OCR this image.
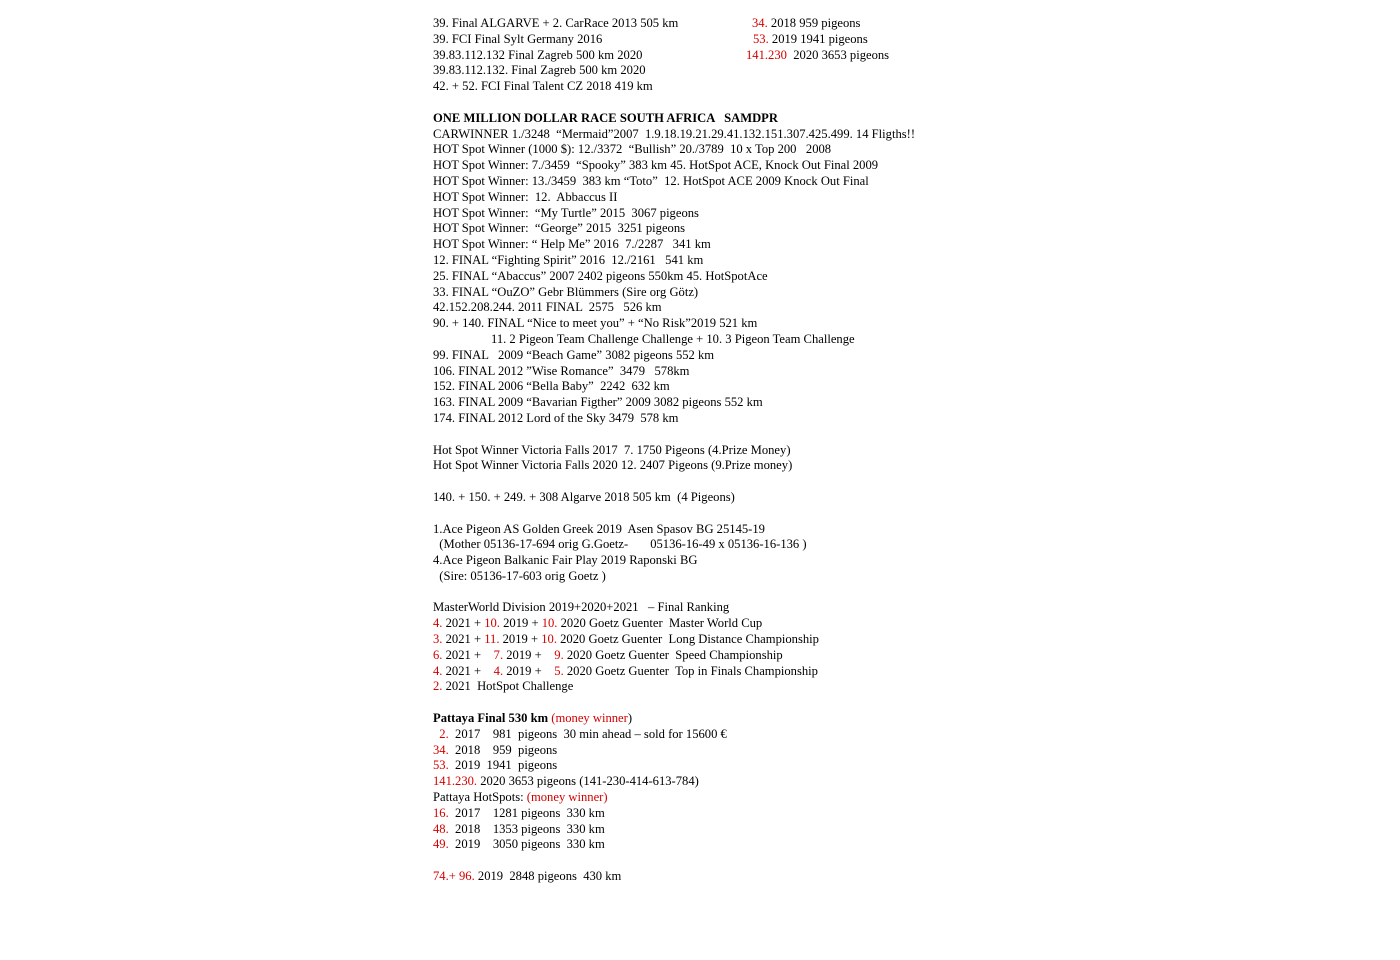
39. Final ALGARVE + 2. CarRace 2013 505 km
39. FCI Final Sylt Germany 2016
39.83.112.132 Final Zagreb 500 km 2020
39.83.112.132. Final Zagreb 500 km 2020
42. + 52. FCI Final Talent CZ 2018 419 km
ONE MILLION DOLLAR RACE SOUTH AFRICA   SAMDPR
CARWINNER 1./3248  “Mermaid”2007  1.9.18.19.21.29.41.132.151.307.425.499. 14 Fligths!!
HOT Spot Winner (1000 $): 12./3372  “Bullish” 20./3789  10 x Top 200   2008
HOT Spot Winner: 7./3459  “Spooky” 383 km 45. HotSpot ACE, Knock Out Final 2009
HOT Spot Winner: 13./3459  383 km “Toto”  12. HotSpot ACE 2009 Knock Out Final
HOT Spot Winner:  12.  Abbaccus II
HOT Spot Winner:  “My Turtle” 2015  3067 pigeons
HOT Spot Winner:  “George” 2015  3251 pigeons
HOT Spot Winner: “ Help Me” 2016  7./2287   341 km
12. FINAL “Fighting Spirit” 2016  12./2161   541 km
25. FINAL “Abaccus” 2007 2402 pigeons 550km 45. HotSpotAce
33. FINAL “OuZO” Gebr Blümmers (Sire org Götz)
42.152.208.244. 2011 FINAL  2575   526 km
90. + 140. FINAL “Nice to meet you” + “No Risk”2019 521 km
11. 2 Pigeon Team Challenge Challenge + 10. 3 Pigeon Team Challenge
99. FINAL   2009 “Beach Game” 3082 pigeons 552 km
106. FINAL 2012 ”Wise Romance”  3479   578km
152. FINAL 2006 “Bella Baby”  2242  632 km
163. FINAL 2009 “Bavarian Figther” 2009 3082 pigeons 552 km
174. FINAL 2012 Lord of the Sky 3479  578 km
Hot Spot Winner Victoria Falls 2017  7. 1750 Pigeons (4.Prize Money)
Hot Spot Winner Victoria Falls 2020 12. 2407 Pigeons (9.Prize money)
140. + 150. + 249. + 308 Algarve 2018 505 km  (4 Pigeons)
1.Ace Pigeon AS Golden Greek 2019  Asen Spasov BG 25145-19
(Mother 05136-17-694 orig G.Goetz-       05136-16-49 x 05136-16-136 )
4.Ace Pigeon Balkanic Fair Play 2019 Raponski BG
(Sire: 05136-17-603 orig Goetz )
MasterWorld Division 2019+2020+2021   – Final Ranking
4. 2021 + 10. 2019 + 10. 2020 Goetz Guenter  Master World Cup
3. 2021 + 11. 2019 + 10. 2020 Goetz Guenter  Long Distance Championship
6. 2021 +    7. 2019 +    9. 2020 Goetz Guenter  Speed Championship
4. 2021 +    4. 2019 +    5. 2020 Goetz Guenter  Top in Finals Championship
2. 2021  HotSpot Challenge
Pattaya Final 530 km (money winner)
2.  2017    981  pigeons  30 min ahead – sold for 15600 €
34.  2018    959  pigeons
53.  2019  1941  pigeons
141.230. 2020 3653 pigeons (141-230-414-613-784)
Pattaya HotSpots: (money winner)
16.  2017    1281 pigeons  330 km
48.  2018    1353 pigeons  330 km
49.  2019    3050 pigeons  330 km
74.+ 96. 2019  2848 pigeons  430 km
34. 2018 959 pigeons
53. 2019 1941 pigeons
141.230  2020 3653 pigeons
